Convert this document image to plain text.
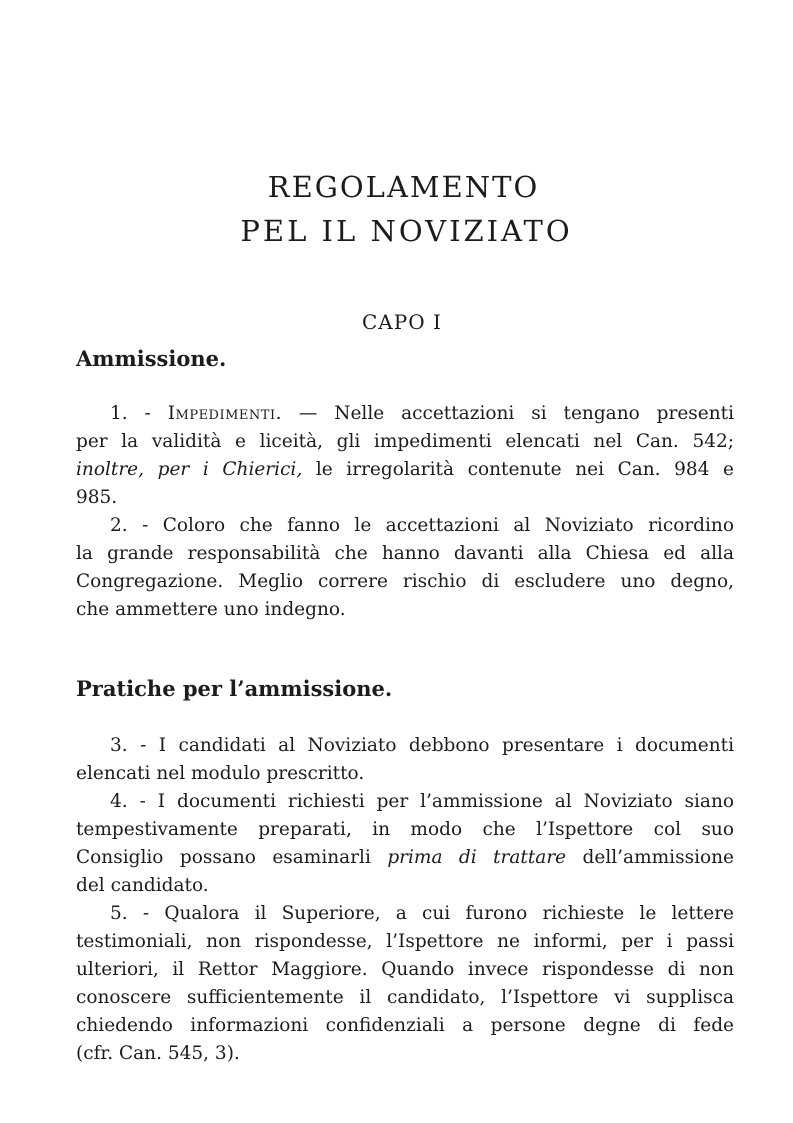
REGOLAMENTO
PEL IL NOVIZIATO
CAPO I
Ammissione.
1. - Impedimenti. — Nelle accettazioni si tengano presenti
per la validità e liceità, gli impedimenti elencati nel Can. 542;
inoltre, per i Chierici, le irregolarità contenute nei Can. 984 e
985.
2. - Coloro che fanno le accettazioni al Noviziato ricordino
la grande responsabilità che hanno davanti alla Chiesa ed alla
Congregazione. Meglio correre rischio di escludere uno degno,
che ammettere uno indegno.
Pratiche per l’ammissione.
3. - I candidati al Noviziato debbono presentare i documenti
elencati nel modulo prescritto.
4. - I documenti richiesti per l’ammissione al Noviziato siano
tempestivamente preparati, in modo che l’Ispettore col suo
Consiglio possano esaminarli prima di trattare dell’ammissione
del candidato.
5. - Qualora il Superiore, a cui furono richieste le lettere
testimoniali, non rispondesse, l’Ispettore ne informi, per i passi
ulteriori, il Rettor Maggiore. Quando invece rispondesse di non
conoscere sufficientemente il candidato, l’Ispettore vi supplisca
chiedendo informazioni confidenziali a persone degne di fede
(cfr. Can. 545, 3).
